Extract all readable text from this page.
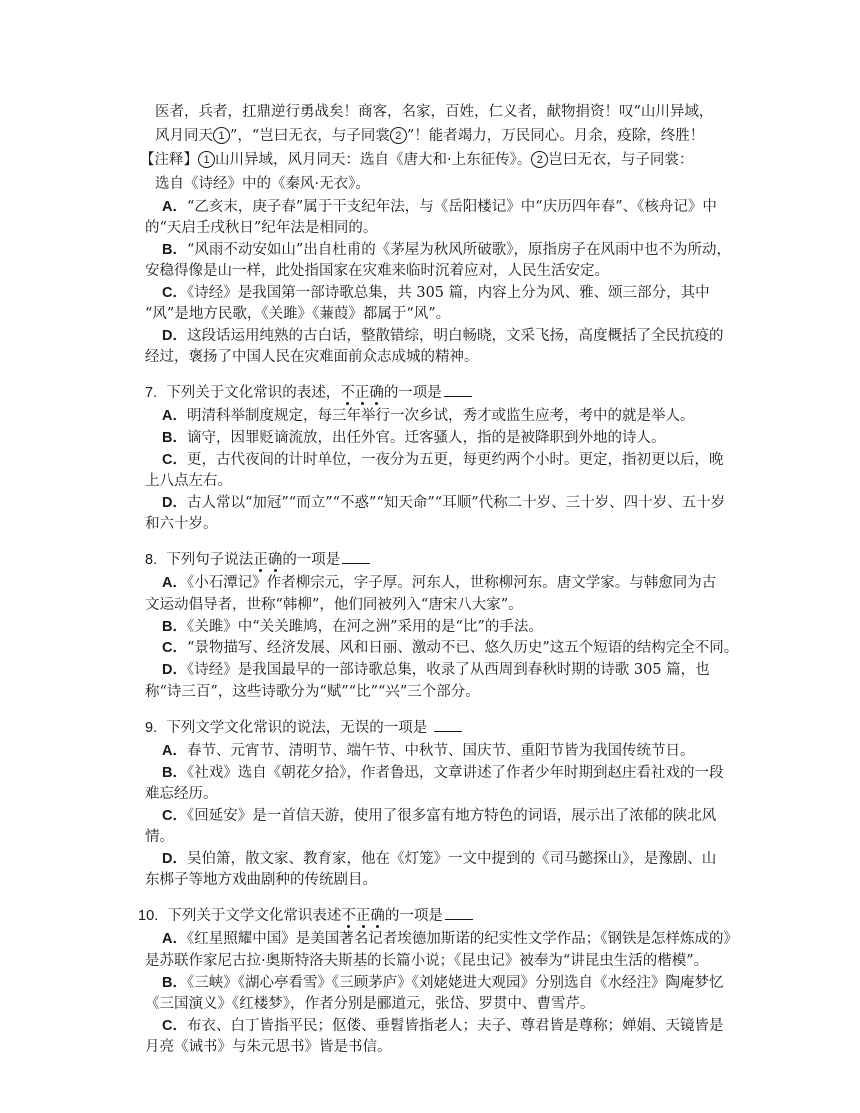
医者，兵者，扛鼎逆行勇战矣！商客，名家，百姓，仁义者，献物捐资！叹“山川异域，
风月同天 1 ”，“岂曰无衣，与子同裳 2 ”！能者竭力，万民同心。月余，疫除，终胜！
【注释】 1 山川异域，风月同天：选自《唐大和·上东征传》。 2 岂曰无衣，与子同裳：
选自《诗经》中的《秦风·无衣》。
A．“乙亥末，庚子春”属于干支纪年法，与《岳阳楼记》中“庆历四年春”、《核舟记》中
的“天启壬戌秋日”纪年法是相同的。
B．“风雨不动安如山”出自杜甫的《茅屋为秋风所破歌》，原指房子在风雨中也不为所动，
安稳得像是山一样，此处指国家在灾难来临时沉着应对，人民生活安定。
C．《诗经》是我国第一部诗歌总集，共 305 篇，内容上分为风、雅、颂三部分，其中
“风”是地方民歌，《关雎》《蒹葭》都属于“风”。
D．这段话运用纯熟的古白话，整散错综，明白畅晓，文采飞扬，高度概括了全民抗疫的
经过，褒扬了中国人民在灾难面前众志成城的精神。
7. 下列关于文化常识的表述，不正确的一项是
A．明清科举制度规定，每三年举行一次乡试，秀才或监生应考，考中的就是举人。
B．谪守，因罪贬谪流放，出任外官。迁客骚人，指的是被降职到外地的诗人。
C．更，古代夜间的计时单位，一夜分为五更，每更约两个小时。更定，指初更以后，晚
上八点左右。
D．古人常以“加冠”“而立”“不惑”“知天命”“耳顺”代称二十岁、三十岁、四十岁、五十岁
和六十岁。
8. 下列句子说法正确的一项是
A．《小石潭记》作者柳宗元，字子厚。河东人，世称柳河东。唐文学家。与韩愈同为古
文运动倡导者，世称“韩柳”，他们同被列入“唐宋八大家”。
B．《关雎》中“关关雎鸠，在河之洲”采用的是“比”的手法。
C．“景物描写、经济发展、风和日丽、激动不已、悠久历史”这五个短语的结构完全不同。
D．《诗经》是我国最早的一部诗歌总集，收录了从西周到春秋时期的诗歌 305 篇，也
称“诗三百”，这些诗歌分为“赋”“比”“兴”三个部分。
9. 下列文学文化常识的说法，无误的一项是
A．春节、元宵节、清明节、端午节、中秋节、国庆节、重阳节皆为我国传统节日。
B．《社戏》选自《朝花夕拾》，作者鲁迅，文章讲述了作者少年时期到赵庄看社戏的一段
难忘经历。
C．《回延安》是一首信天游，使用了很多富有地方特色的词语，展示出了浓郁的陕北风
情。
D．吴伯箫，散文家、教育家，他在《灯笼》一文中提到的《司马懿探山》，是豫剧、山
东梆子等地方戏曲剧种的传统剧目。
10. 下列关于文学文化常识表述不正确的一项是
A．《红星照耀中国》是美国著名记者埃德加斯诺的纪实性文学作品；《钢铁是怎样炼成的》
是苏联作家尼古拉·奥斯特洛夫斯基的长篇小说；《昆虫记》被奉为“讲昆虫生活的楷模”。
B．《三峡》《湖心亭看雪》《三顾茅庐》《刘姥姥进大观园》分别选自《水经注》陶庵梦忆
《三国演义》《红楼梦》，作者分别是郦道元，张岱、罗贯中、曹雪芹。
C．布衣、白丁皆指平民；伛偻、垂髫皆指老人；夫子、尊君皆是尊称；婵娟、天镜皆是
月亮《诫书》与朱元思书》皆是书信。
